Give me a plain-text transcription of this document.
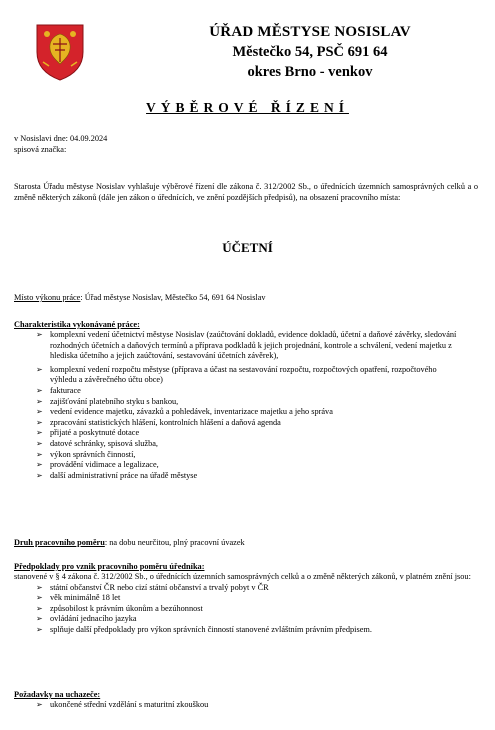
ÚŘAD MĚSTYSE NOSISLAV
Městečko 54, PSČ 691 64
okres Brno - venkov
VÝBĚROVÉ ŘÍZENÍ
v Nosislavi dne: 04.09.2024
spisová značka:
Starosta Úřadu městyse Nosislav vyhlašuje výběrové řízení dle zákona č. 312/2002 Sb., o úřednících územních samosprávných celků a o změně některých zákonů (dále jen zákon o úřednících, ve znění pozdějších předpisů), na obsazení pracovního místa:
ÚČETNÍ
Místo výkonu práce: Úřad městyse Nosislav, Městečko 54, 691 64 Nosislav
Charakteristika vykonávané práce:
➢ komplexní vedení účetnictví městyse Nosislav (zaúčtování dokladů, evidence dokladů, účetní a daňové závěrky, sledování rozhodných účetních a daňových termínů a příprava podkladů k jejich projednání, kontrole a schválení, vedení majetku z hlediska účetního a jejich zaúčtování, sestavování účetních závěrek),
➢ komplexní vedení rozpočtu městyse (příprava a účast na sestavování rozpočtu, rozpočtových opatření, rozpočtového výhledu a závěrečného účtu obce)
➢ fakturace
➢ zajišťování platebního styku s bankou,
➢ vedení evidence majetku, závazků a pohledávek, inventarizace majetku a jeho správa
➢ zpracování statistických hlášení, kontrolních hlášení a daňová agenda
➢ přijaté a poskytnuté dotace
➢ datové schránky, spisová služba,
➢ výkon správních činností,
➢ provádění vidimace a legalizace,
➢ další administrativní práce na úřadě městyse
Druh pracovního poměru: na dobu neurčitou, plný pracovní úvazek
Předpoklady pro vznik pracovního poměru úředníka:
stanovené v § 4 zákona č. 312/2002 Sb., o úřednících územních samosprávných celků a o změně některých zákonů, v platném znění jsou:
➢ státní občanství ČR nebo cizí státní občanství a trvalý pobyt v ČR
➢ věk minimálně 18 let
➢ způsobilost k právním úkonům a bezúhonnost
➢ ovládání jednacího jazyka
➢ splňuje další předpoklady pro výkon správních činností stanovené zvláštním právním předpisem.
Požadavky na uchazeče:
➢ ukončené střední vzdělání s maturitní zkouškou
